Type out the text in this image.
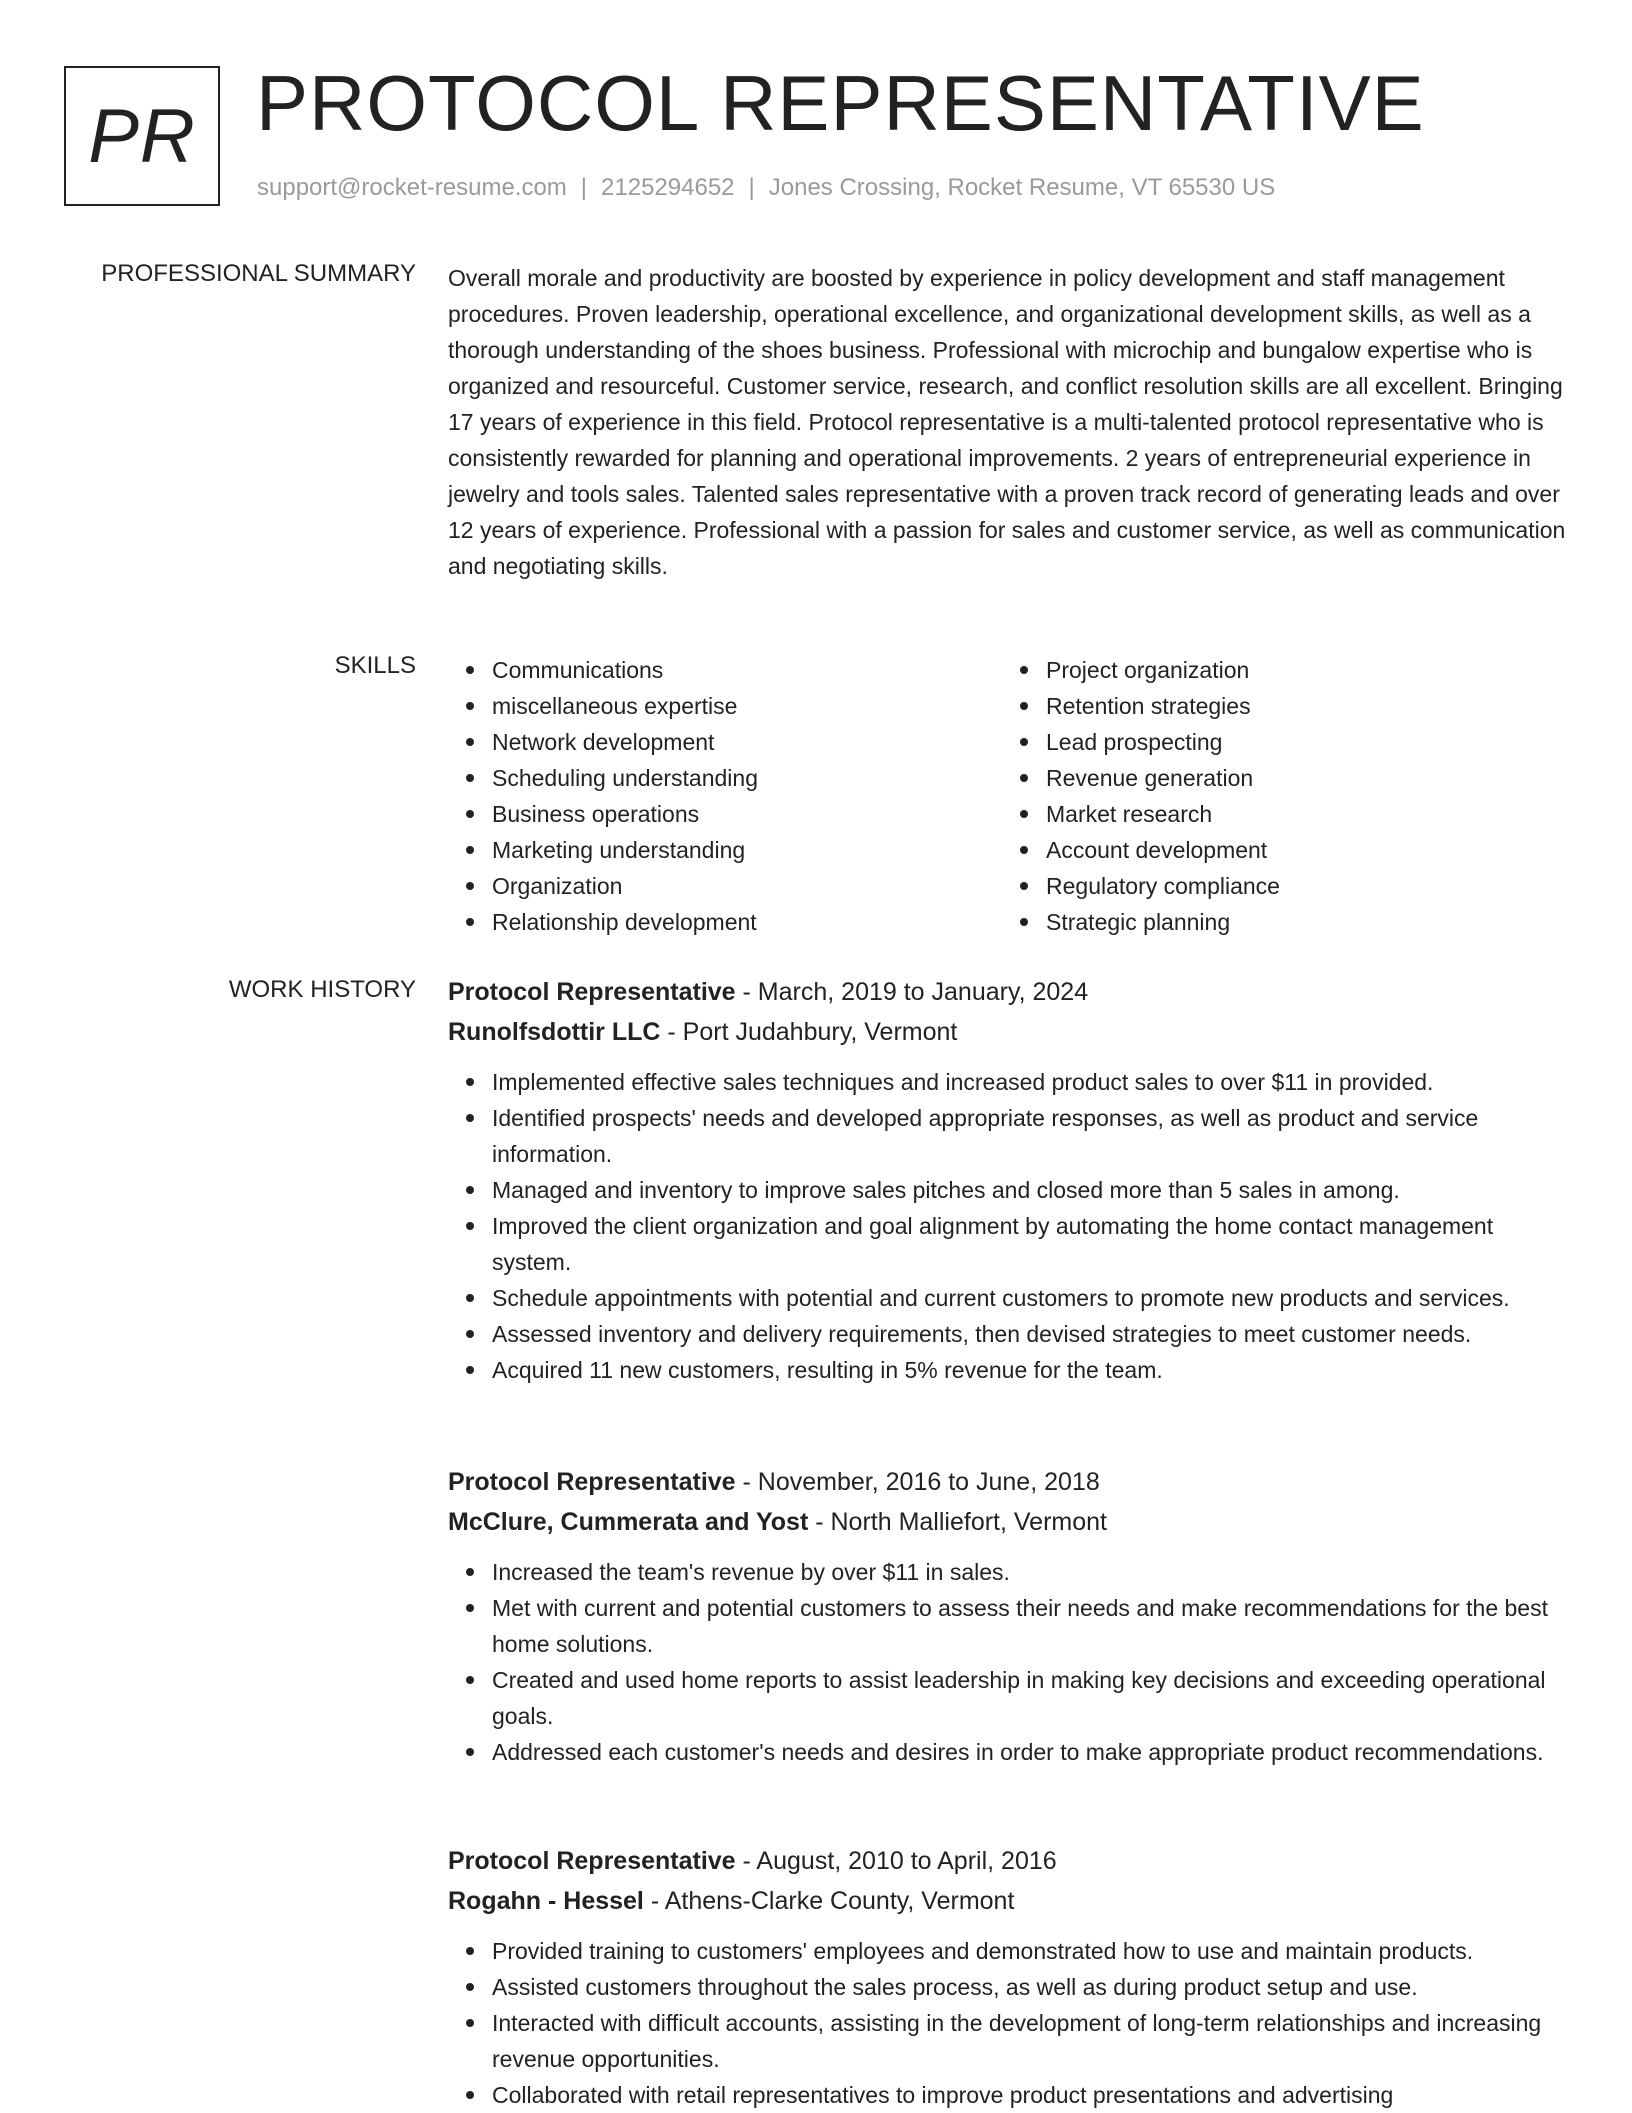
PR PROTOCOL REPRESENTATIVE
support@rocket-resume.com | 2125294652 | Jones Crossing, Rocket Resume, VT 65530 US
PROFESSIONAL SUMMARY Overall morale and productivity are boosted by experience in policy development and staff management procedures. Proven leadership, operational excellence, and organizational development skills, as well as a thorough understanding of the shoes business. Professional with microchip and bungalow expertise who is organized and resourceful. Customer service, research, and conflict resolution skills are all excellent. Bringing 17 years of experience in this field. Protocol representative is a multi-talented protocol representative who is consistently rewarded for planning and operational improvements. 2 years of entrepreneurial experience in jewelry and tools sales. Talented sales representative with a proven track record of generating leads and over 12 years of experience. Professional with a passion for sales and customer service, as well as communication and negotiating skills.
SKILLS	Communications
miscellaneous expertise
Network development
Scheduling understanding
Business operations
Marketing understanding
Organization
Relationship development
Project organization
Retention strategies
Lead prospecting
Revenue generation
Market research
Account development
Regulatory compliance
Strategic planning
WORK HISTORY Protocol Representative - March, 2019 to January, 2024
Runolfsdottir LLC - Port Judahbury, Vermont
Implemented effective sales techniques and increased product sales to over $11 in provided.
Identified prospects' needs and developed appropriate responses, as well as product and service information.
Managed and inventory to improve sales pitches and closed more than 5 sales in among.
Improved the client organization and goal alignment by automating the home contact management system.
Schedule appointments with potential and current customers to promote new products and services.
Assessed inventory and delivery requirements, then devised strategies to meet customer needs.
Acquired 11 new customers, resulting in 5% revenue for the team.
Protocol Representative - November, 2016 to June, 2018
McClure, Cummerata and Yost - North Malliefort, Vermont
Increased the team's revenue by over $11 in sales.
Met with current and potential customers to assess their needs and make recommendations for the best home solutions.
Created and used home reports to assist leadership in making key decisions and exceeding operational goals.
Addressed each customer's needs and desires in order to make appropriate product recommendations.
Protocol Representative - August, 2010 to April, 2016
Rogahn - Hessel - Athens-Clarke County, Vermont
Provided training to customers' employees and demonstrated how to use and maintain products.
Assisted customers throughout the sales process, as well as during product setup and use.
Interacted with difficult accounts, assisting in the development of long-term relationships and increasing revenue opportunities.
Collaborated with retail representatives to improve product presentations and advertising
